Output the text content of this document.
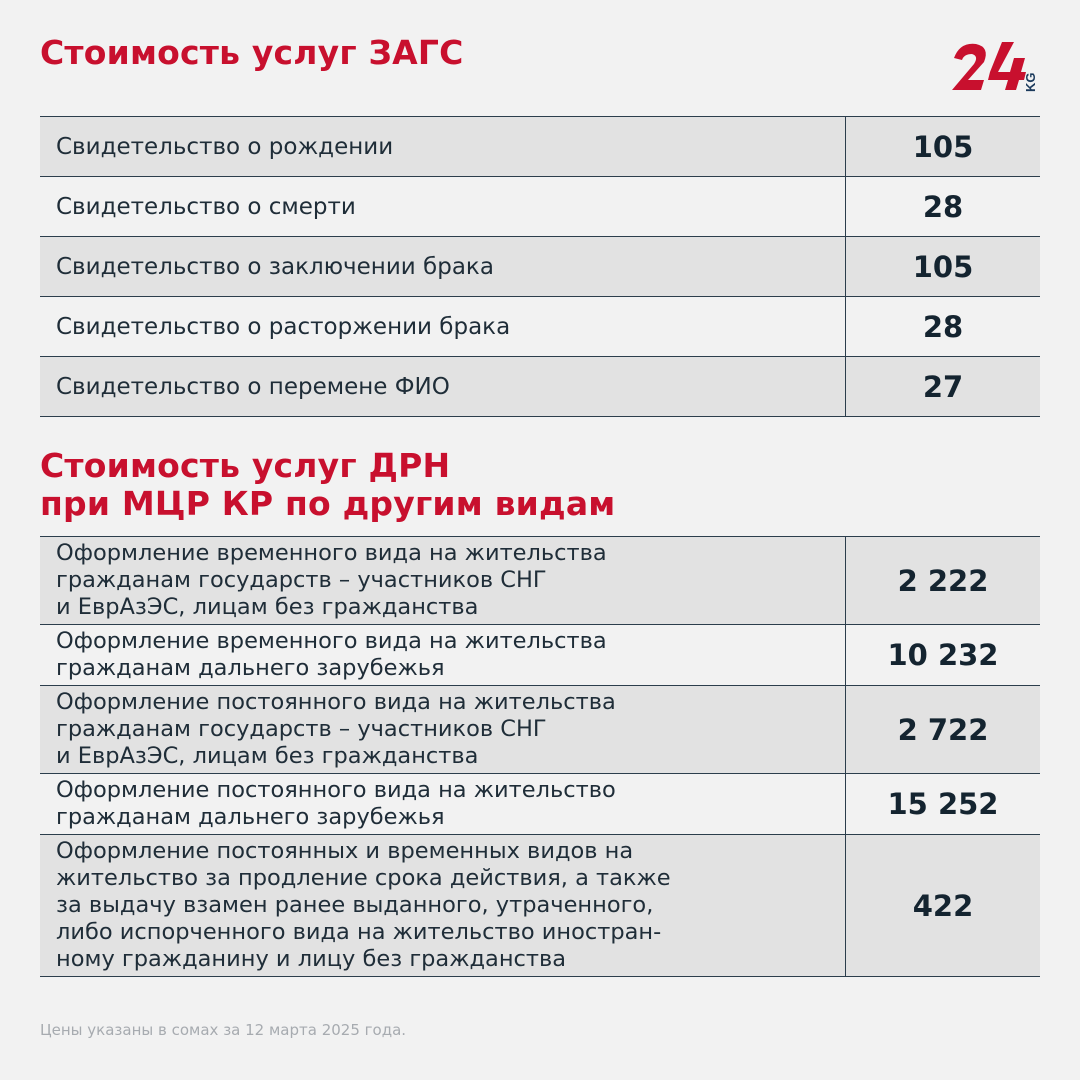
Стоимость услуг ЗАГС
KG
Свидетельство о рождении	105
Свидетельство о смерти	28
Свидетельство о заключении брака	105
Свидетельство о расторжении брака	28
Свидетельство о перемене ФИО	27
Стоимость услуг ДРН
при МЦР КР по другим видам
Оформление временного вида на жительства
гражданам государств – участников СНГ
и ЕврАзЭС, лицам без гражданства	2 222
Оформление временного вида на жительства
гражданам дальнего зарубежья	10 232
Оформление постоянного вида на жительства
гражданам государств – участников СНГ
и ЕврАзЭС, лицам без гражданства	2 722
Оформление постоянного вида на жительство
гражданам дальнего зарубежья	15 252
Оформление постоянных и временных видов на
жительство за продление срока действия, а также
за выдачу взамен ранее выданного, утраченного,
либо испорченного вида на жительство иностран-
ному гражданину и лицу без гражданства	422

Цены указаны в сомах за 12 марта 2025 года.
